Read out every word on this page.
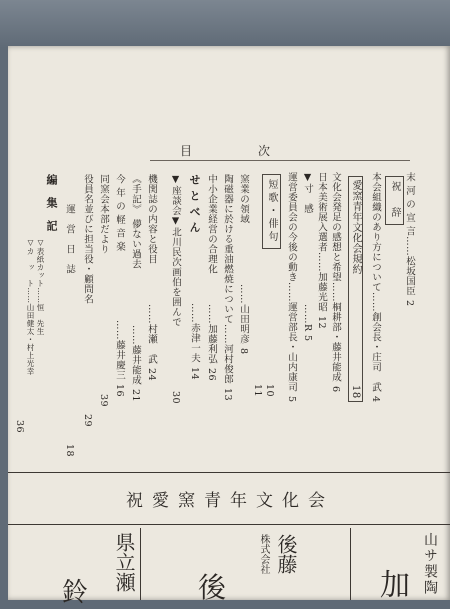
目　　次
末 河 の 宣 言……松坂国臣2
祝　辞
本会組織のあり方について……創会長・庄司　武4
愛窯青年文化会規約18
文化会発足の感想と希望……桐耕部・藤井能成6
日本美術展入選者……加藤光昭12
▼寸　感……R5
運営委員会の今後の動き……運営部長・山内康司5
短歌・俳句
10
11
窯業の領域……山田明彦8
陶磁器に於ける重油燃焼について……河村俊郎13
中小企業経営の合理化……加藤利弘26
せ と べ ん……赤津一夫14
▼座談会▼北川民次画伯を囲んで30
機関誌の内容と役目……村瀬　武24
《手記》　儚ない過去……藤井能成21
今 年 の 軽 音 楽……藤井慶三16
同窯会本部だより39
役員名並びに担当役・顧問名29
運　営　日　誌18
編　集　記
▽表紙カット……恒　先生
▽カ　ッ　ト……山田健太・村上光幸
36
祝愛窯青年文化会
山サ製陶
加
株式会社 後藤
後
県立瀬
鈴
